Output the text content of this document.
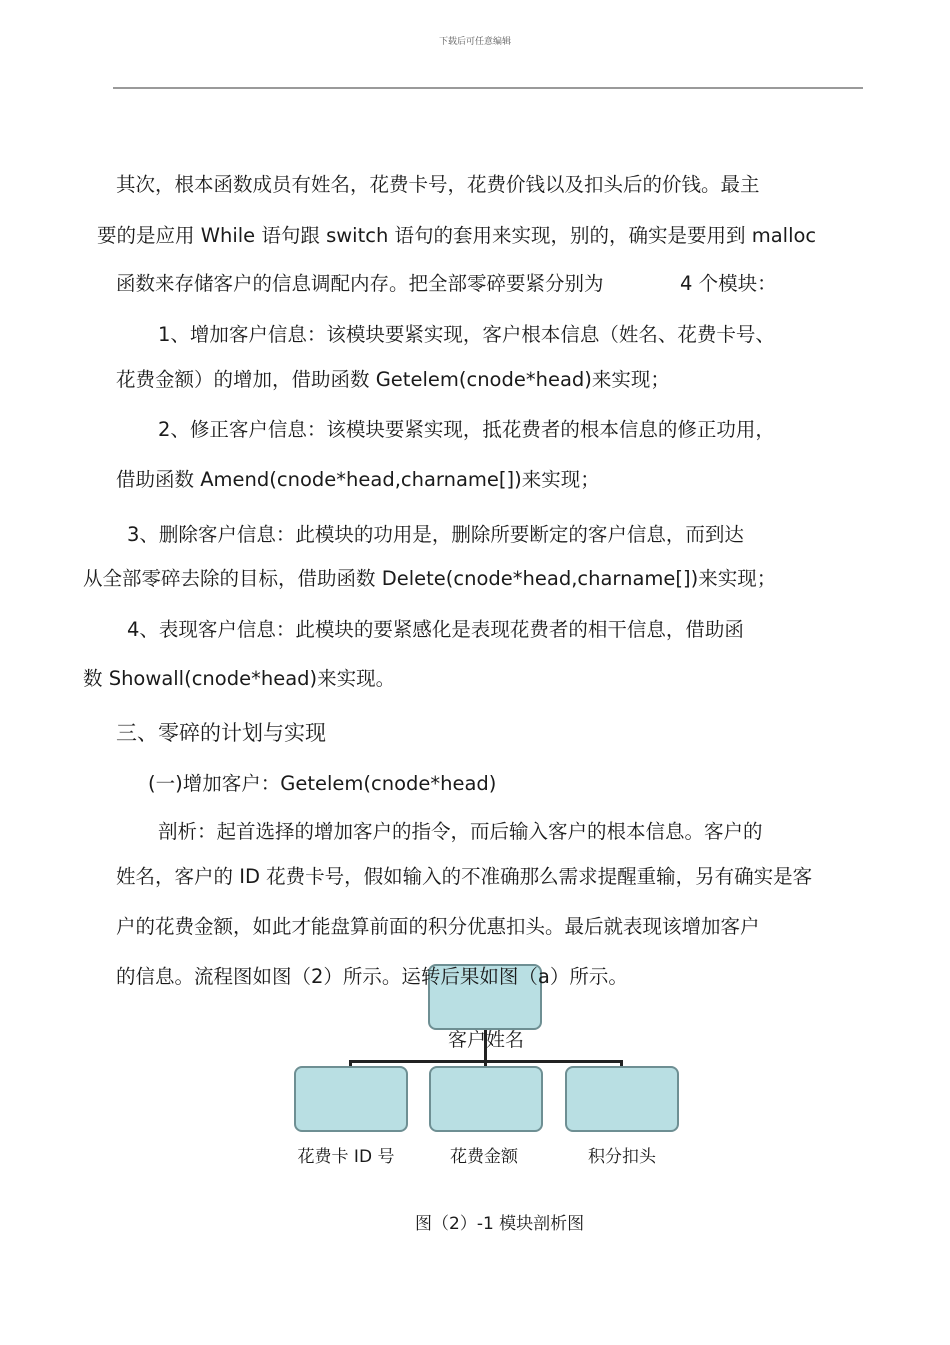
下载后可任意编辑
其次，根本函数成员有姓名，花费卡号，花费价钱以及扣头后的价钱。最主
要的是应用 While 语句跟 switch 语句的套用来实现，别的，确实是要用到 malloc
函数来存储客户的信息调配内存。把全部零碎要紧分别为	4 个模块：
1、增加客户信息：该模块要紧实现，客户根本信息（姓名、花费卡号、
花费金额）的增加，借助函数 Getelem(cnode*head)来实现；
2、修正客户信息：该模块要紧实现，抵花费者的根本信息的修正功用，
借助函数 Amend(cnode*head,charname[])来实现；
3、删除客户信息：此模块的功用是，删除所要断定的客户信息，而到达
从全部零碎去除的目标，借助函数 Delete(cnode*head,charname[])来实现；
4、表现客户信息：此模块的要紧感化是表现花费者的相干信息，借助函
数 Showall(cnode*head)来实现。
三、零碎的计划与实现
(一)增加客户：Getelem(cnode*head)
剖析：起首选择的增加客户的指令，而后输入客户的根本信息。客户的
姓名，客户的 ID 花费卡号，假如输入的不准确那么需求提醒重输，另有确实是客
户的花费金额，如此才能盘算前面的积分优惠扣头。最后就表现该增加客户
客户姓名
花费卡 ID 号	花费金额	积分扣头
的信息。流程图如图（2）所示。运转后果如图（a）所示。
图（2）-1 模块剖析图
